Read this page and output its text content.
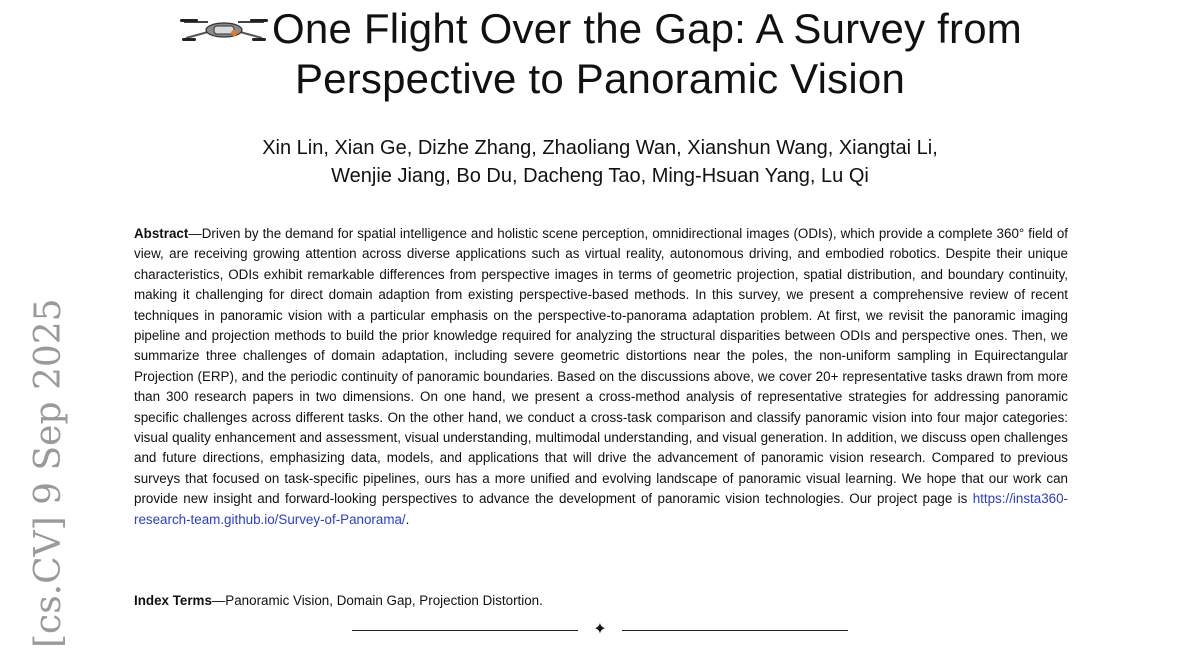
One Flight Over the Gap: A Survey from Perspective to Panoramic Vision
Xin Lin, Xian Ge, Dizhe Zhang, Zhaoliang Wan, Xianshun Wang, Xiangtai Li,
Wenjie Jiang, Bo Du, Dacheng Tao, Ming-Hsuan Yang, Lu Qi
Abstract—Driven by the demand for spatial intelligence and holistic scene perception, omnidirectional images (ODIs), which provide a complete 360° field of view, are receiving growing attention across diverse applications such as virtual reality, autonomous driving, and embodied robotics. Despite their unique characteristics, ODIs exhibit remarkable differences from perspective images in terms of geometric projection, spatial distribution, and boundary continuity, making it challenging for direct domain adaption from existing perspective-based methods. In this survey, we present a comprehensive review of recent techniques in panoramic vision with a particular emphasis on the perspective-to-panorama adaptation problem. At first, we revisit the panoramic imaging pipeline and projection methods to build the prior knowledge required for analyzing the structural disparities between ODIs and perspective ones. Then, we summarize three challenges of domain adaptation, including severe geometric distortions near the poles, the non-uniform sampling in Equirectangular Projection (ERP), and the periodic continuity of panoramic boundaries. Based on the discussions above, we cover 20+ representative tasks drawn from more than 300 research papers in two dimensions. On one hand, we present a cross-method analysis of representative strategies for addressing panoramic specific challenges across different tasks. On the other hand, we conduct a cross-task comparison and classify panoramic vision into four major categories: visual quality enhancement and assessment, visual understanding, multimodal understanding, and visual generation. In addition, we discuss open challenges and future directions, emphasizing data, models, and applications that will drive the advancement of panoramic vision research. Compared to previous surveys that focused on task-specific pipelines, ours has a more unified and evolving landscape of panoramic visual learning. We hope that our work can provide new insight and forward-looking perspectives to advance the development of panoramic vision technologies. Our project page is https://insta360-research-team.github.io/Survey-of-Panorama/.
Index Terms—Panoramic Vision, Domain Gap, Projection Distortion.
✦
[cs.CV] 9 Sep 2025
